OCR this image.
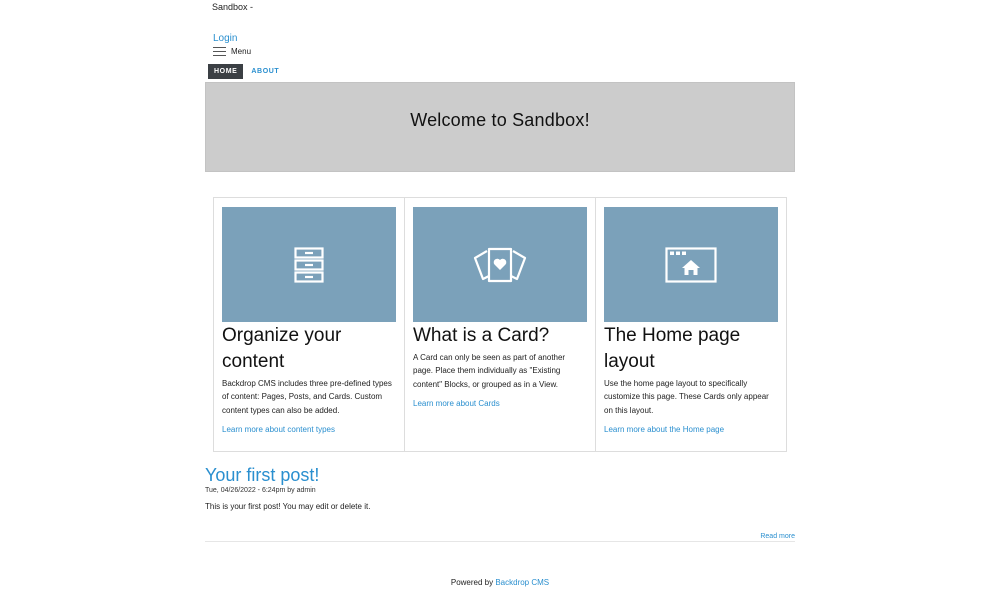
Sandbox -
Login
Menu
HOME	ABOUT
Welcome to Sandbox!
Organize your content

Backdrop CMS includes three pre-defined types of content: Pages, Posts, and Cards. Custom content types can also be added.

Learn more about content types
What is a Card?

A Card can only be seen as part of another page. Place them individually as "Existing content" Blocks, or grouped as in a View.

Learn more about Cards
The Home page layout

Use the home page layout to specifically customize this page. These Cards only appear on this layout.

Learn more about the Home page
Your first post!
Tue, 04/26/2022 - 6:24pm by admin

This is your first post! You may edit or delete it.

Read more
Powered by Backdrop CMS
